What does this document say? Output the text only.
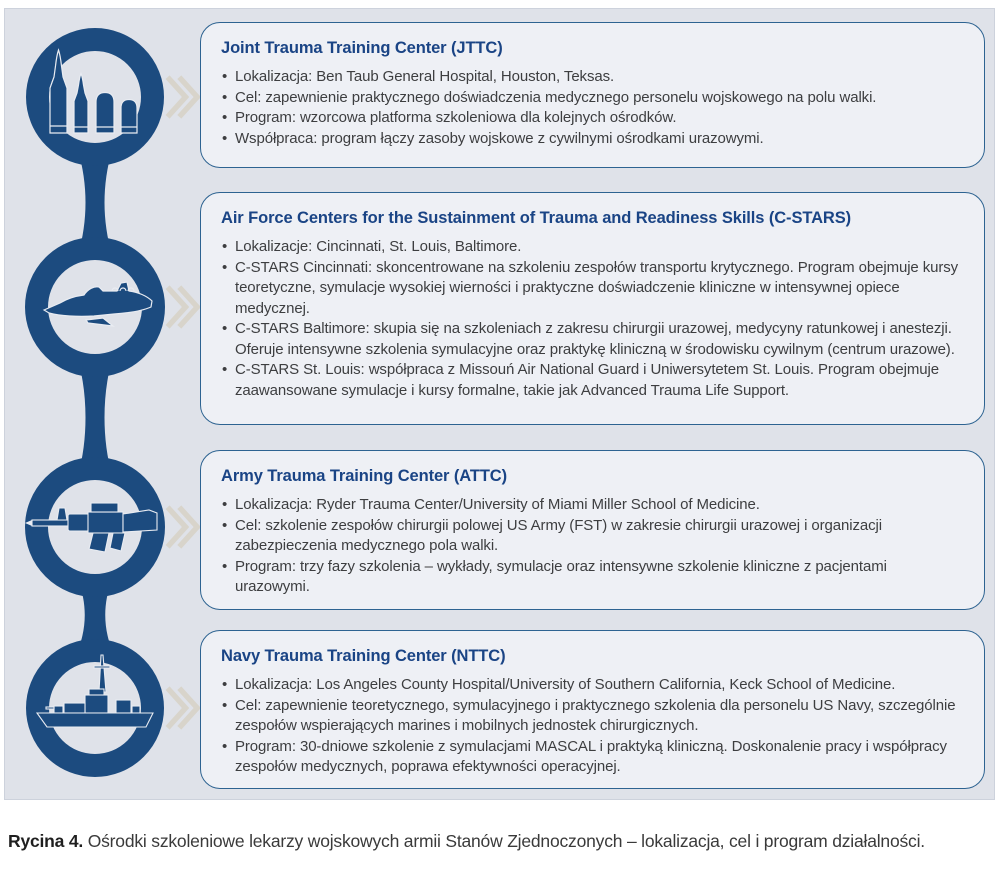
Joint Trauma Training Center (JTTC)
• Lokalizacja: Ben Taub General Hospital, Houston, Teksas.
• Cel: zapewnienie praktycznego doświadczenia medycznego personelu wojskowego na polu walki.
• Program: wzorcowa platforma szkoleniowa dla kolejnych ośrodków.
• Współpraca: program łączy zasoby wojskowe z cywilnymi ośrodkami urazowymi.
Air Force Centers for the Sustainment of Trauma and Readiness Skills (C-STARS)
• Lokalizacje: Cincinnati, St. Louis, Baltimore.
• C-STARS Cincinnati: skoncentrowane na szkoleniu zespołów transportu krytycznego. Program obejmuje kursy teoretyczne, symulacje wysokiej wierności i praktyczne doświadczenie kliniczne w intensywnej opiece medycznej.
• C-STARS Baltimore: skupia się na szkoleniach z zakresu chirurgii urazowej, medycyny ratunkowej i anestezji. Oferuje intensywne szkolenia symulacyjne oraz praktykę kliniczną w środowisku cywilnym (centrum urazowe).
• C-STARS St. Louis: współpraca z Missouń Air National Guard i Uniwersytetem St. Louis. Program obejmuje zaawansowane symulacje i kursy formalne, takie jak Advanced Trauma Life Support.
Army Trauma Training Center (ATTC)
• Lokalizacja: Ryder Trauma Center/University of Miami Miller School of Medicine.
• Cel: szkolenie zespołów chirurgii polowej US Army (FST) w zakresie chirurgii urazowej i organizacji zabezpieczenia medycznego pola walki.
• Program: trzy fazy szkolenia – wykłady, symulacje oraz intensywne szkolenie kliniczne z pacjentami urazowymi.
Navy Trauma Training Center (NTTC)
• Lokalizacja: Los Angeles County Hospital/University of Southern California, Keck School of Medicine.
• Cel: zapewnienie teoretycznego, symulacyjnego i praktycznego szkolenia dla personelu US Navy, szczególnie zespołów wspierających marines i mobilnych jednostek chirurgicznych.
• Program: 30-dniowe szkolenie z symulacjami MASCAL i praktyką kliniczną. Doskonalenie pracy i współpracy zespołów medycznych, poprawa efektywności operacyjnej.
Rycina 4. Ośrodki szkoleniowe lekarzy wojskowych armii Stanów Zjednoczonych – lokalizacja, cel i program działalności.
